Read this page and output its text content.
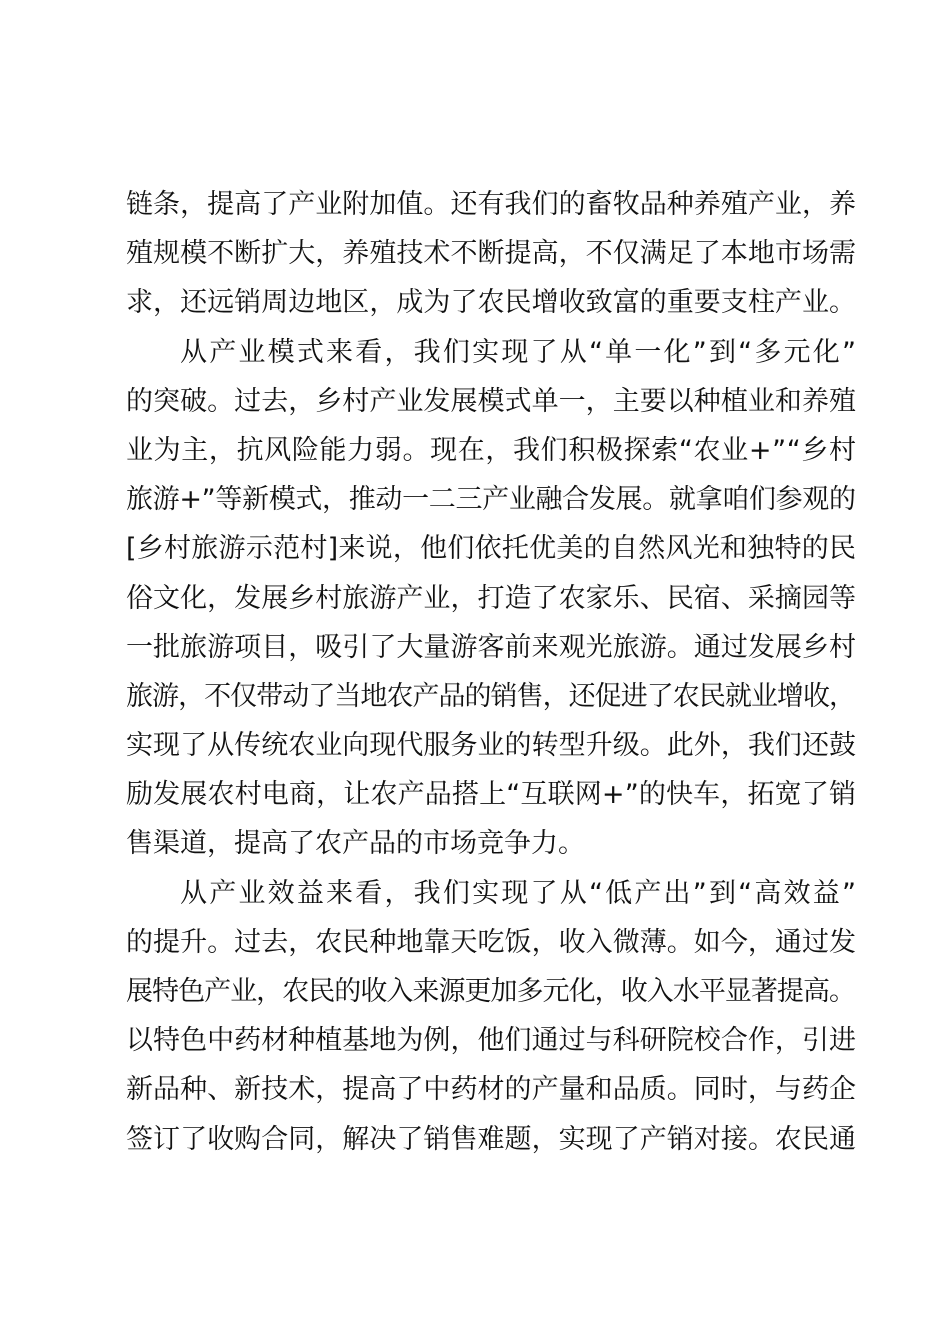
链条，提高了产业附加值。还有我们的畜牧品种养殖产业，养
殖规模不断扩大，养殖技术不断提高，不仅满足了本地市场需
求，还远销周边地区，成为了农民增收致富的重要支柱产业。
从产业模式来看，我们实现了从“单一化”到“多元化”
的突破。过去，乡村产业发展模式单一，主要以种植业和养殖
业为主，抗风险能力弱。现在，我们积极探索“农业+”“乡村
旅游+”等新模式，推动一二三产业融合发展。就拿咱们参观的
[乡村旅游示范村]来说，他们依托优美的自然风光和独特的民
俗文化，发展乡村旅游产业，打造了农家乐、民宿、采摘园等
一批旅游项目，吸引了大量游客前来观光旅游。通过发展乡村
旅游，不仅带动了当地农产品的销售，还促进了农民就业增收，
实现了从传统农业向现代服务业的转型升级。此外，我们还鼓
励发展农村电商，让农产品搭上“互联网+”的快车，拓宽了销
售渠道，提高了农产品的市场竞争力。
从产业效益来看，我们实现了从“低产出”到“高效益”
的提升。过去，农民种地靠天吃饭，收入微薄。如今，通过发
展特色产业，农民的收入来源更加多元化，收入水平显著提高。
以特色中药材种植基地为例，他们通过与科研院校合作，引进
新品种、新技术，提高了中药材的产量和品质。同时，与药企
签订了收购合同，解决了销售难题，实现了产销对接。农民通
